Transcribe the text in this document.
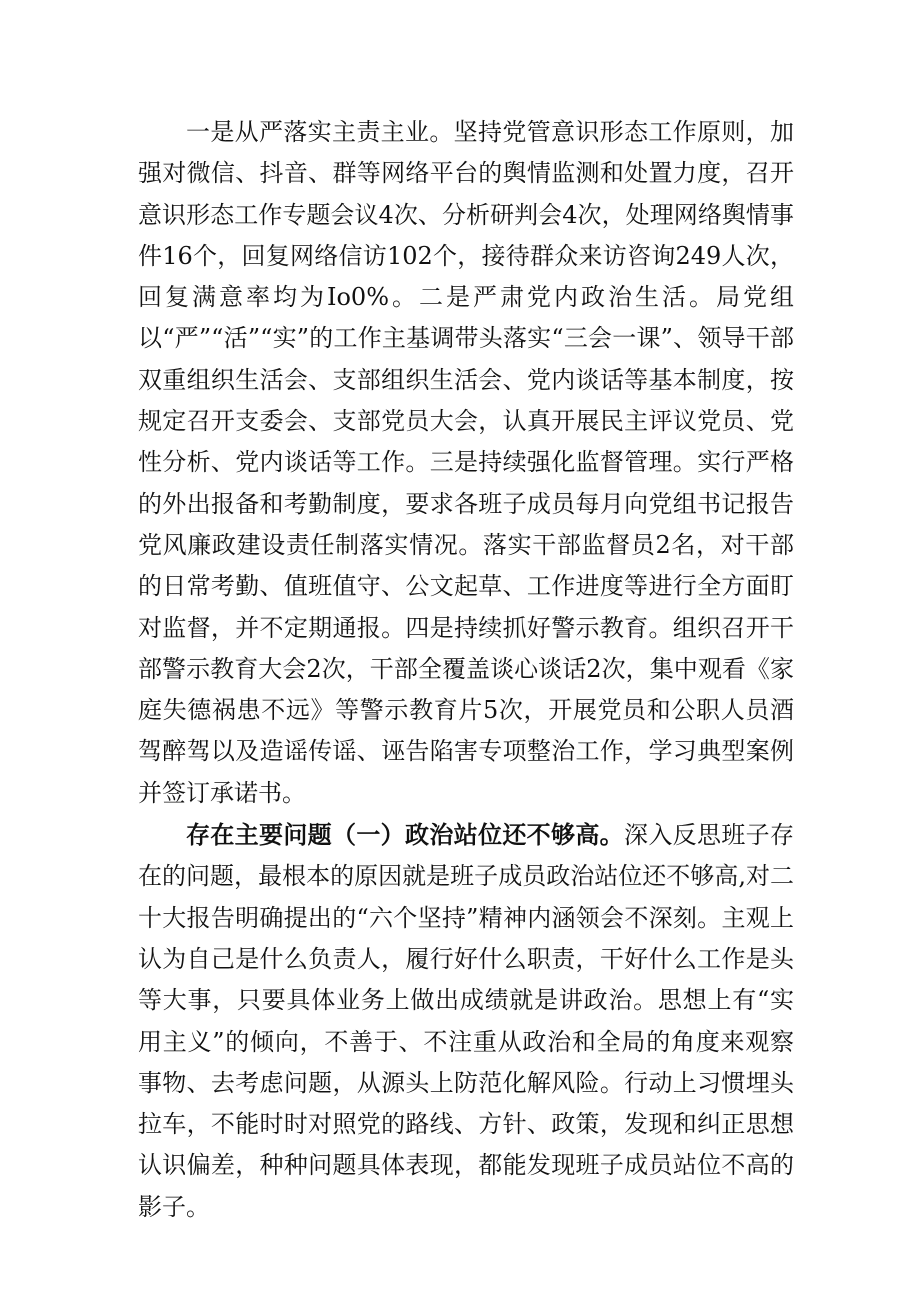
一是从严落实主责主业。坚持党管意识形态工作原则，加强对微信、抖音、群等网络平台的舆情监测和处置力度，召开意识形态工作专题会议4次、分析研判会4次，处理网络舆情事件16个，回复网络信访102个，接待群众来访咨询249人次，回复满意率均为Io0%。二是严肃党内政治生活。局党组以“严”“活”“实”的工作主基调带头落实“三会一课”、领导干部双重组织生活会、支部组织生活会、党内谈话等基本制度，按规定召开支委会、支部党员大会，认真开展民主评议党员、党性分析、党内谈话等工作。三是持续强化监督管理。实行严格的外出报备和考勤制度，要求各班子成员每月向党组书记报告党风廉政建设责任制落实情况。落实干部监督员2名，对干部的日常考勤、值班值守、公文起草、工作进度等进行全方面盯对监督，并不定期通报。四是持续抓好警示教育。组织召开干部警示教育大会2次，干部全覆盖谈心谈话2次，集中观看《家庭失德祸患不远》等警示教育片5次，开展党员和公职人员酒驾醉驾以及造谣传谣、诬告陷害专项整治工作，学习典型案例并签订承诺书。

存在主要问题（一）政治站位还不够高。深入反思班子存在的问题，最根本的原因就是班子成员政治站位还不够高,对二十大报告明确提出的“六个坚持”精神内涵领会不深刻。主观上认为自己是什么负责人，履行好什么职责，干好什么工作是头等大事，只要具体业务上做出成绩就是讲政治。思想上有“实用主义”的倾向，不善于、不注重从政治和全局的角度来观察事物、去考虑问题，从源头上防范化解风险。行动上习惯埋头拉车，不能时时对照党的路线、方针、政策，发现和纠正思想认识偏差，种种问题具体表现，都能发现班子成员站位不高的影子。
